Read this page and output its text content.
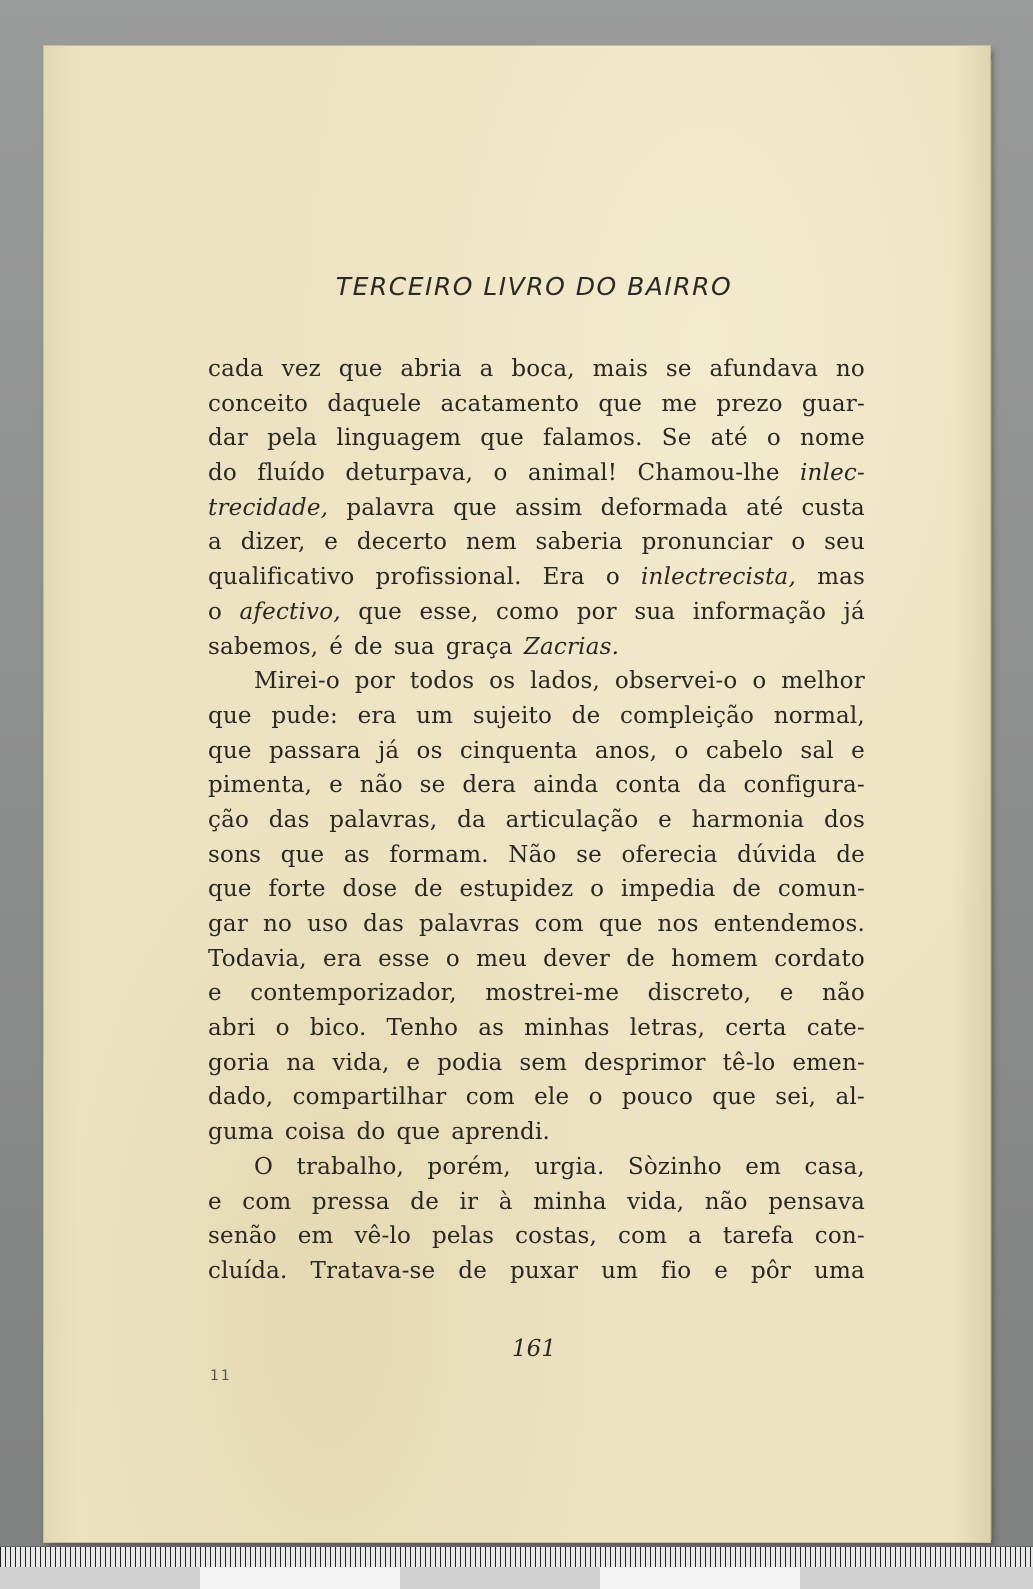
TERCEIRO LIVRO DO BAIRRO
cada vez que abria a boca, mais se afundava no
conceito daquele acatamento que me prezo guar-
dar pela linguagem que falamos. Se até o nome
do fluído deturpava, o animal! Chamou-lhe inlec-
trecidade, palavra que assim deformada até custa
a dizer, e decerto nem saberia pronunciar o seu
qualificativo profissional. Era o inlectrecista, mas
o afectivo, que esse, como por sua informação já
sabemos, é de sua graça Zacrias.
Mirei-o por todos os lados, observei-o o melhor
que pude: era um sujeito de compleição normal,
que passara já os cinquenta anos, o cabelo sal e
pimenta, e não se dera ainda conta da configura-
ção das palavras, da articulação e harmonia dos
sons que as formam. Não se oferecia dúvida de
que forte dose de estupidez o impedia de comun-
gar no uso das palavras com que nos entendemos.
Todavia, era esse o meu dever de homem cordato
e contemporizador, mostrei-me discreto, e não
abri o bico. Tenho as minhas letras, certa cate-
goria na vida, e podia sem desprimor tê-lo emen-
dado, compartilhar com ele o pouco que sei, al-
guma coisa do que aprendi.
O trabalho, porém, urgia. Sòzinho em casa,
e com pressa de ir à minha vida, não pensava
senão em vê-lo pelas costas, com a tarefa con-
cluída. Tratava-se de puxar um fio e pôr uma
161
11
